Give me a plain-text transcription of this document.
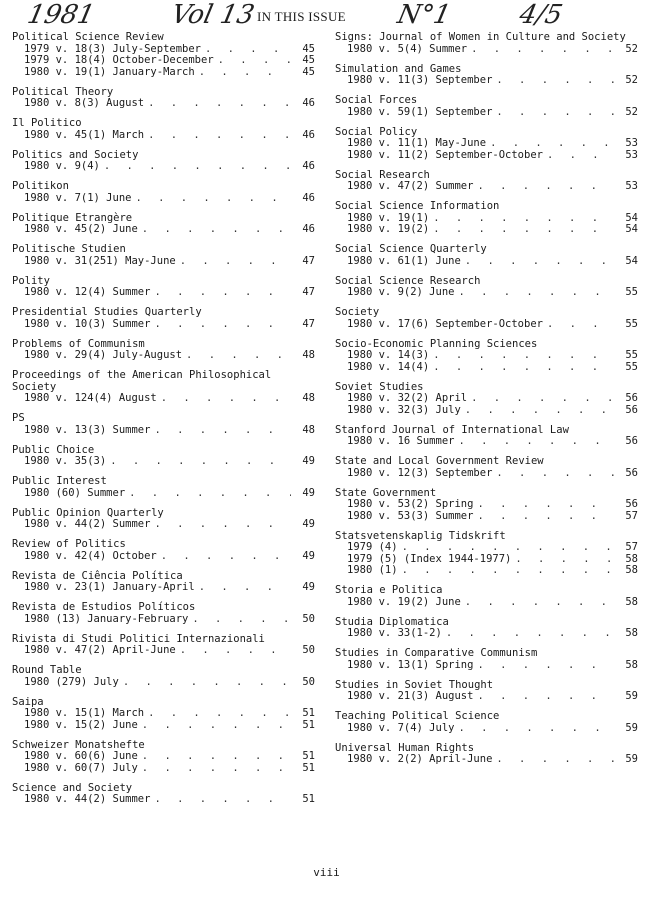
1981	Vol 13 IN THIS ISSUE N°1 4/5
Political Science Review
1979 v. 18(3) July-September . . .	45
1979 v. 18(4) October-December . . .	45
1980 v. 19(1) January-March . . .	45
Political Theory
1980 v. 8(3) August . . .	46
Il Politico
1980 v. 45(1) March . . .	46
Politics and Society
1980 v. 9(4) . . .	46
Politikon
1980 v. 7(1) June . . .	46
Politique Etrangère
1980 v. 45(2) June . . .	46
Politische Studien
1980 v. 31(251) May-June . . .	47
Polity
1980 v. 12(4) Summer . . .	47
Presidential Studies Quarterly
1980 v. 10(3) Summer . . .	47
Problems of Communism
1980 v. 29(4) July-August . . .	48
Proceedings of the American Philosophical Society
1980 v. 124(4) August . . .	48
PS
1980 v. 13(3) Summer . . .	48
Public Choice
1980 v. 35(3) . . .	49
Public Interest
1980 (60) Summer . . .	49
Public Opinion Quarterly
1980 v. 44(2) Summer . . .	49
Review of Politics
1980 v. 42(4) October . . .	49
Revista de Ciência Política
1980 v. 23(1) January-April . . .	49
Revista de Estudios Políticos
1980 (13) January-February . . .	50
Rivista di Studi Politici Internazionali
1980 v. 47(2) April-June . . .	50
Round Table
1980 (279) July . . .	50
Saipa
1980 v. 15(1) March . . .	51
1980 v. 15(2) June . . .	51
Schweizer Monatshefte
1980 v. 60(6) June . . .	51
1980 v. 60(7) July . . .	51
Science and Society
1980 v. 44(2) Summer . . .	51
Signs: Journal of Women in Culture and Society
1980 v. 5(4) Summer . . .	52
Simulation and Games
1980 v. 11(3) September . . .	52
Social Forces
1980 v. 59(1) September . . .	52
Social Policy
1980 v. 11(1) May-June . . .	53
1980 v. 11(2) September-October . . .	53
Social Research
1980 v. 47(2) Summer . . .	53
Social Science Information
1980 v. 19(1) . . .	54
1980 v. 19(2) . . .	54
Social Science Quarterly
1980 v. 61(1) June . . .	54
Social Science Research
1980 v. 9(2) June . . .	55
Society
1980 v. 17(6) September-October . . .	55
Socio-Economic Planning Sciences
1980 v. 14(3) . . .	55
1980 v. 14(4) . . .	55
Soviet Studies
1980 v. 32(2) April . . .	56
1980 v. 32(3) July . . .	56
Stanford Journal of International Law
1980 v. 16 Summer . . .	56
State and Local Government Review
1980 v. 12(3) September . . .	56
State Government
1980 v. 53(2) Spring . . .	56
1980 v. 53(3) Summer . . .	57
Statsvetenskaplig Tidskrift
1979 (4) . . .	57
1979 (5) (Index 1944-1977) . . .	58
1980 (1) . . .	58
Storia e Politica
1980 v. 19(2) June . . .	58
Studia Diplomatica
1980 v. 33(1-2) . . .	58
Studies in Comparative Communism
1980 v. 13(1) Spring . . .	58
Studies in Soviet Thought
1980 v. 21(3) August . . .	59
Teaching Political Science
1980 v. 7(4) July . . .	59
Universal Human Rights
1980 v. 2(2) April-June . . .	59
viii
